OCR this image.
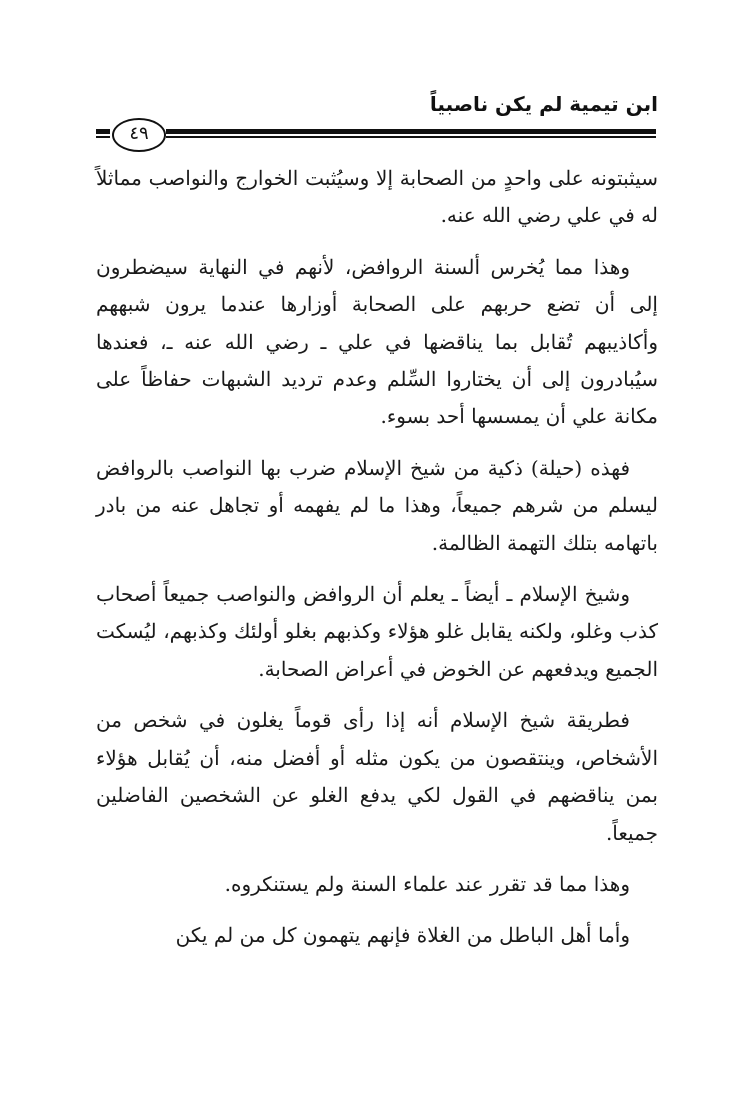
ابن تيمية لم يكن ناصبياً
٤٩

سيثبتونه على واحدٍ من الصحابة إلا وسيُثبت الخوارج والنواصب مماثلاً له في علي رضي الله عنه.

وهذا مما يُخرس ألسنة الروافض، لأنهم في النهاية سيضطرون إلى أن تضع حربهم على الصحابة أوزارها عندما يرون شبههم وأكاذيبهم تُقابل بما يناقضها في علي ـ رضي الله عنه ـ، فعندها سيُبادرون إلى أن يختاروا السِّلم وعدم ترديد الشبهات حفاظاً على مكانة علي أن يمسسها أحد بسوء.

فهذه (حيلة) ذكية من شيخ الإسلام ضرب بها النواصب بالروافض ليسلم من شرهم جميعاً، وهذا ما لم يفهمه أو تجاهل عنه من بادر باتهامه بتلك التهمة الظالمة.

وشيخ الإسلام ـ أيضاً ـ يعلم أن الروافض والنواصب جميعاً أصحاب كذب وغلو، ولكنه يقابل غلو هؤلاء وكذبهم بغلو أولئك وكذبهم، ليُسكت الجميع ويدفعهم عن الخوض في أعراض الصحابة.

فطريقة شيخ الإسلام أنه إذا رأى قوماً يغلون في شخص من الأشخاص، وينتقصون من يكون مثله أو أفضل منه، أن يُقابل هؤلاء بمن يناقضهم في القول لكي يدفع الغلو عن الشخصين الفاضلين جميعاً.

وهذا مما قد تقرر عند علماء السنة ولم يستنكروه.

وأما أهل الباطل من الغلاة فإنهم يتهمون كل من لم يكن
